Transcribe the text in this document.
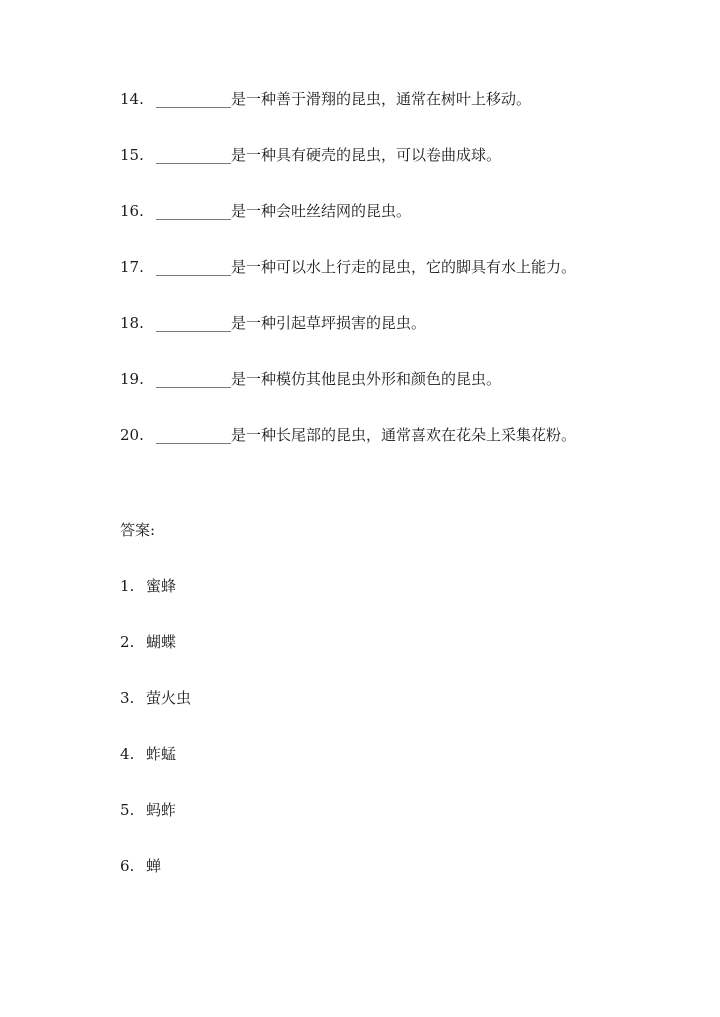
14. __________是一种善于滑翔的昆虫，通常在树叶上移动。
15. __________是一种具有硬壳的昆虫，可以卷曲成球。
16. __________是一种会吐丝结网的昆虫。
17. __________是一种可以水上行走的昆虫，它的脚具有水上能力。
18. __________是一种引起草坪损害的昆虫。
19. __________是一种模仿其他昆虫外形和颜色的昆虫。
20. __________是一种长尾部的昆虫，通常喜欢在花朵上采集花粉。
答案:
1. 蜜蜂
2. 蝴蝶
3. 萤火虫
4. 蚱蜢
5. 蚂蚱
6. 蝉
